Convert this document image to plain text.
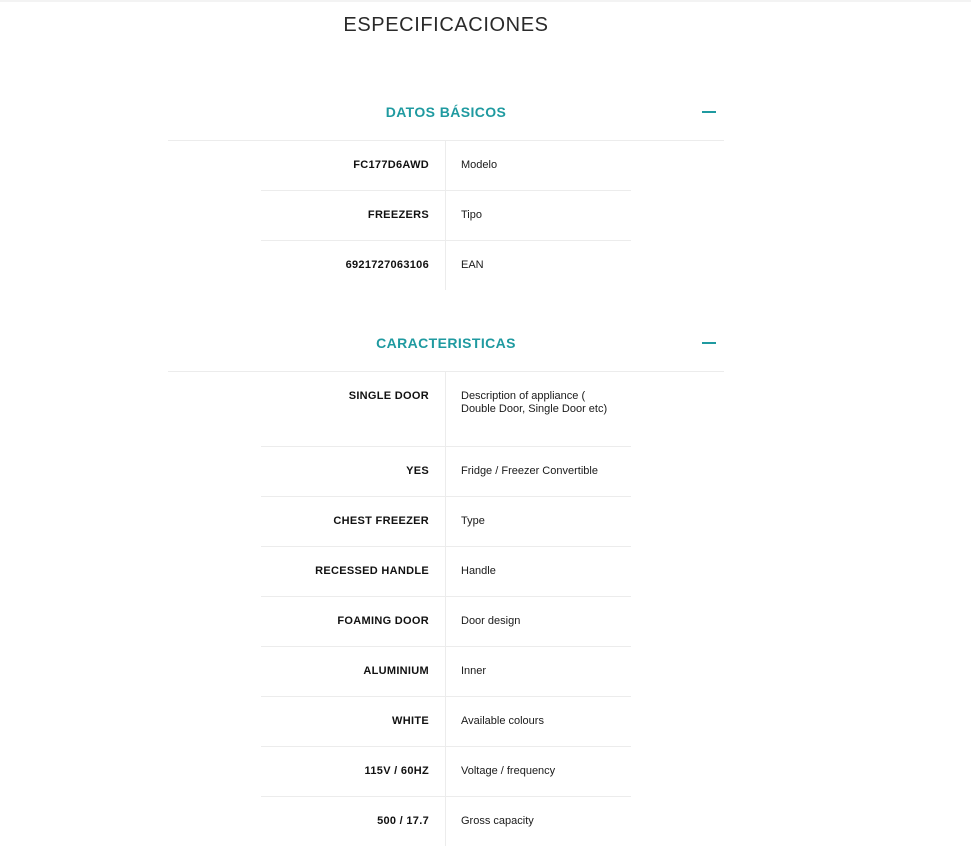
ESPECIFICACIONES
DATOS BÁSICOS
FC177D6AWD	Modelo
FREEZERS	Tipo
6921727063106	EAN
CARACTERISTICAS
SINGLE DOOR	Description of appliance ( Double Door, Single Door etc)
YES	Fridge / Freezer Convertible
CHEST FREEZER	Type
RECESSED HANDLE	Handle
FOAMING DOOR	Door design
ALUMINIUM	Inner
WHITE	Available colours
115V / 60HZ	Voltage / frequency
500 / 17.7	Gross capacity
